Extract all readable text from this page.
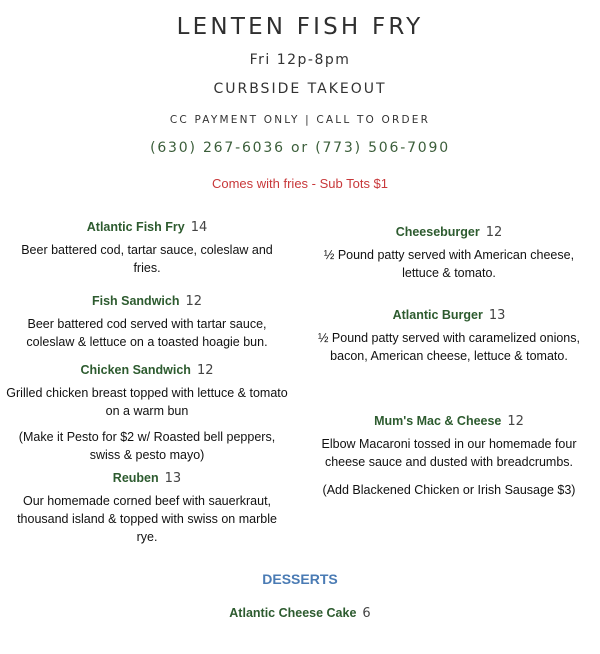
LENTEN FISH FRY
Fri 12p-8pm
CURBSIDE TAKEOUT
CC PAYMENT ONLY | CALL TO ORDER
(630) 267-6036 or (773) 506-7090
Comes with fries - Sub Tots $1
Atlantic Fish Fry 14
Beer battered cod, tartar sauce, coleslaw and fries.
Fish Sandwich 12
Beer battered cod served with tartar sauce, coleslaw & lettuce on a toasted hoagie bun.
Chicken Sandwich 12
Grilled chicken breast topped with lettuce & tomato on a warm bun
(Make it Pesto for $2 w/ Roasted bell peppers, swiss & pesto mayo)
Reuben 13
Our homemade corned beef with sauerkraut, thousand island & topped with swiss on marble rye.
Cheeseburger 12
½ Pound patty served with American cheese, lettuce & tomato.
Atlantic Burger 13
½ Pound patty served with caramelized onions, bacon, American cheese, lettuce & tomato.
Mum's Mac & Cheese 12
Elbow Macaroni tossed in our homemade four cheese sauce and dusted with breadcrumbs.
(Add Blackened Chicken or Irish Sausage $3)
DESSERTS
Atlantic Cheese Cake 6
